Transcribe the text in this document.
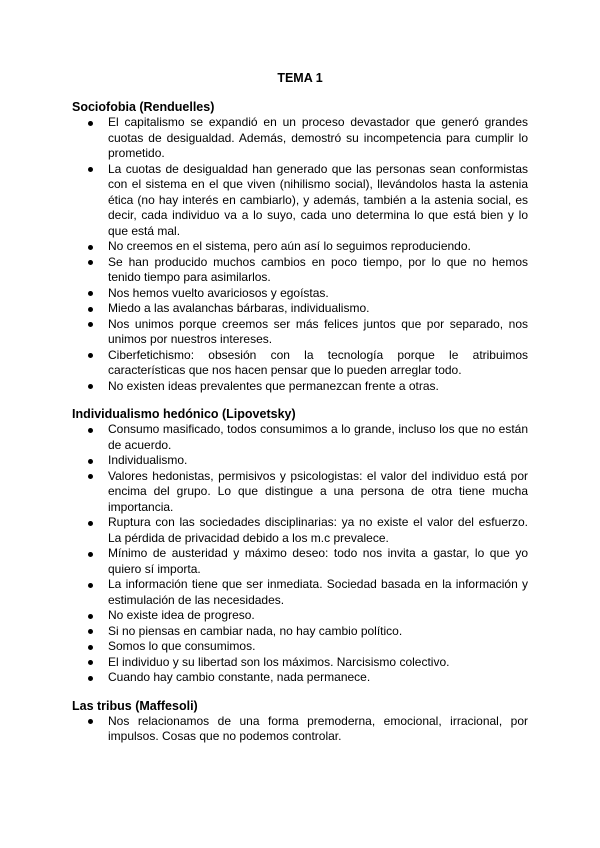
TEMA 1
Sociofobia (Renduelles)
El capitalismo se expandió en un proceso devastador que generó grandes cuotas de desigualdad. Además, demostró su incompetencia para cumplir lo prometido.
La cuotas de desigualdad han generado que las personas sean conformistas con el sistema en el que viven (nihilismo social), llevándolos hasta la astenia ética (no hay interés en cambiarlo), y además, también a la astenia social, es decir, cada individuo va a lo suyo, cada uno determina lo que está bien y lo que está mal.
No creemos en el sistema, pero aún así lo seguimos reproduciendo.
Se han producido muchos cambios en poco tiempo, por lo que no hemos tenido tiempo para asimilarlos.
Nos hemos vuelto avariciosos y egoístas.
Miedo a las avalanchas bárbaras, individualismo.
Nos unimos porque creemos ser más felices juntos que por separado, nos unimos por nuestros intereses.
Ciberfetichismo: obsesión con la tecnología porque le atribuimos características que nos hacen pensar que lo pueden arreglar todo.
No existen ideas prevalentes que permanezcan frente a otras.
Individualismo hedónico (Lipovetsky)
Consumo masificado, todos consumimos a lo grande, incluso los que no están de acuerdo.
Individualismo.
Valores hedonistas, permisivos y psicologistas: el valor del individuo está por encima del grupo. Lo que distingue a una persona de otra tiene mucha importancia.
Ruptura con las sociedades disciplinarias: ya no existe el valor del esfuerzo. La pérdida de privacidad debido a los m.c prevalece.
Mínimo de austeridad y máximo deseo: todo nos invita a gastar, lo que yo quiero sí importa.
La información tiene que ser inmediata. Sociedad basada en la información y estimulación de las necesidades.
No existe idea de progreso.
Si no piensas en cambiar nada, no hay cambio político.
Somos lo que consumimos.
El individuo y su libertad son los máximos. Narcisismo colectivo.
Cuando hay cambio constante, nada permanece.
Las tribus (Maffesoli)
Nos relacionamos de una forma premoderna, emocional, irracional, por impulsos. Cosas que no podemos controlar.
